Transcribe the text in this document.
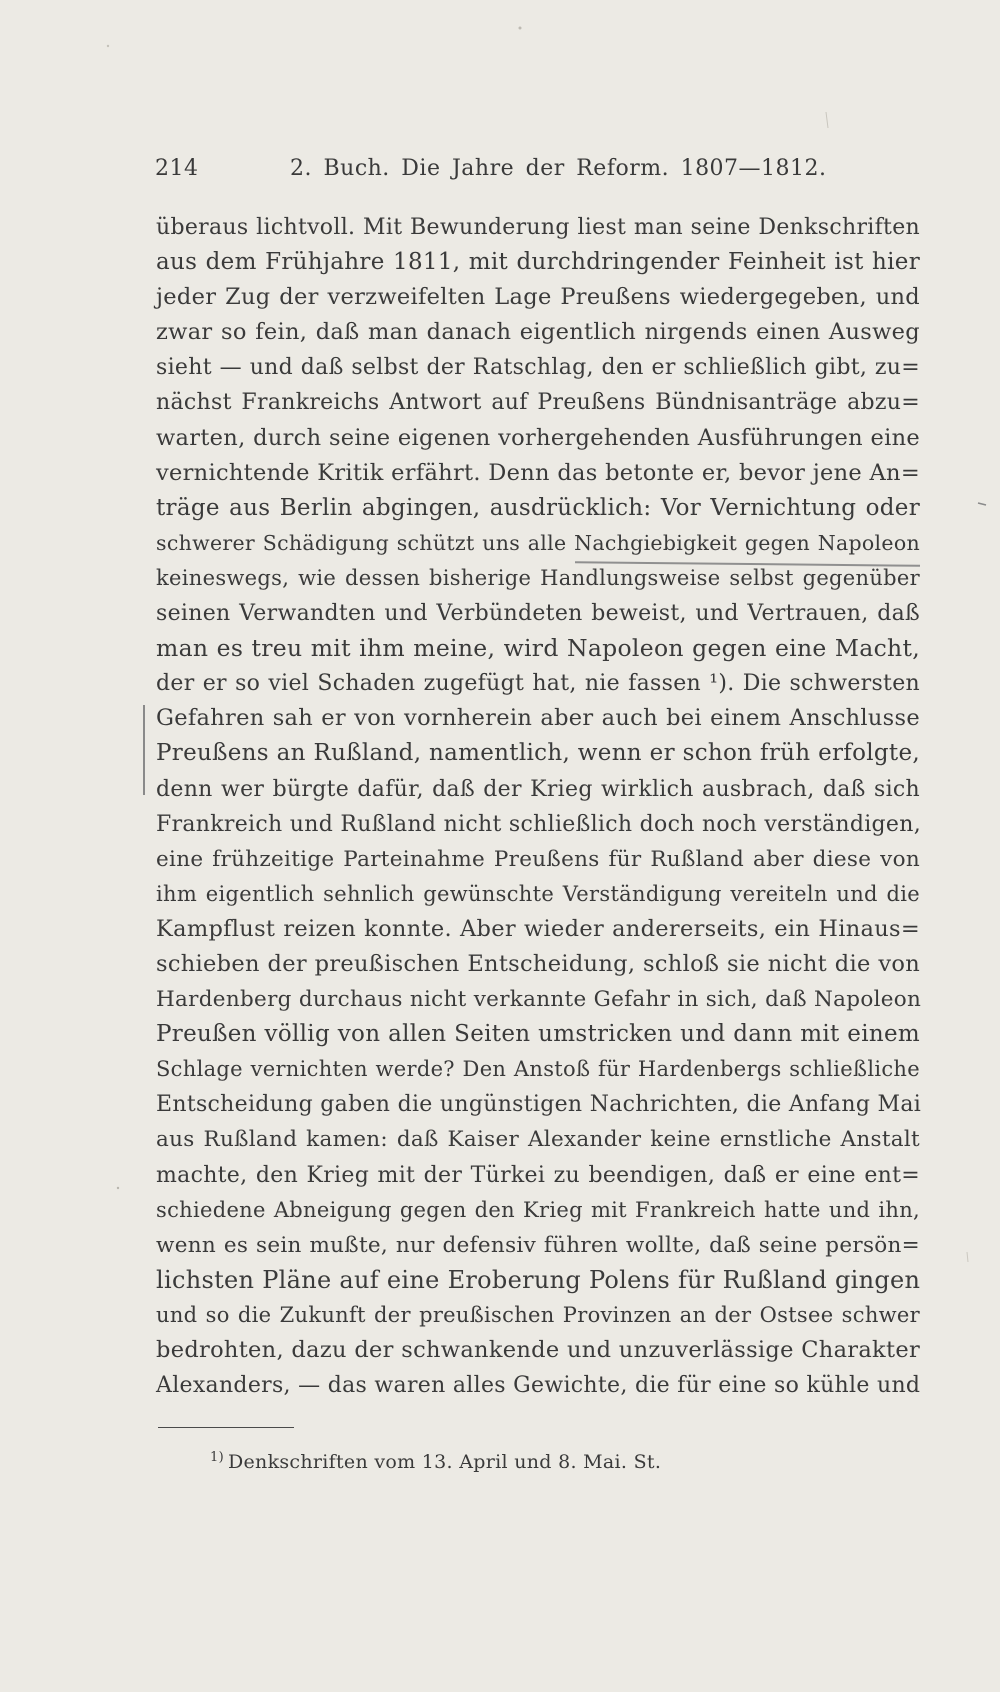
214	2. Buch. Die Jahre der Reform. 1807—1812.
überaus lichtvoll. Mit Bewunderung liest man seine Denkschriften
aus dem Frühjahre 1811, mit durchdringender Feinheit ist hier
jeder Zug der verzweifelten Lage Preußens wiedergegeben, und
zwar so fein, daß man danach eigentlich nirgends einen Ausweg
sieht — und daß selbst der Ratschlag, den er schließlich gibt, zu=
nächst Frankreichs Antwort auf Preußens Bündnisanträge abzu=
warten, durch seine eigenen vorhergehenden Ausführungen eine
vernichtende Kritik erfährt. Denn das betonte er, bevor jene An=
träge aus Berlin abgingen, ausdrücklich: Vor Vernichtung oder
schwerer Schädigung schützt uns alle Nachgiebigkeit gegen Napoleon
keineswegs, wie dessen bisherige Handlungsweise selbst gegenüber
seinen Verwandten und Verbündeten beweist, und Vertrauen, daß
man es treu mit ihm meine, wird Napoleon gegen eine Macht,
der er so viel Schaden zugefügt hat, nie fassen ¹). Die schwersten
Gefahren sah er von vornherein aber auch bei einem Anschlusse
Preußens an Rußland, namentlich, wenn er schon früh erfolgte,
denn wer bürgte dafür, daß der Krieg wirklich ausbrach, daß sich
Frankreich und Rußland nicht schließlich doch noch verständigen,
eine frühzeitige Parteinahme Preußens für Rußland aber diese von
ihm eigentlich sehnlich gewünschte Verständigung vereiteln und die
Kampflust reizen konnte. Aber wieder andererseits, ein Hinaus=
schieben der preußischen Entscheidung, schloß sie nicht die von
Hardenberg durchaus nicht verkannte Gefahr in sich, daß Napoleon
Preußen völlig von allen Seiten umstricken und dann mit einem
Schlage vernichten werde? Den Anstoß für Hardenbergs schließliche
Entscheidung gaben die ungünstigen Nachrichten, die Anfang Mai
aus Rußland kamen: daß Kaiser Alexander keine ernstliche Anstalt
machte, den Krieg mit der Türkei zu beendigen, daß er eine ent=
schiedene Abneigung gegen den Krieg mit Frankreich hatte und ihn,
wenn es sein mußte, nur defensiv führen wollte, daß seine persön=
lichsten Pläne auf eine Eroberung Polens für Rußland gingen
und so die Zukunft der preußischen Provinzen an der Ostsee schwer
bedrohten, dazu der schwankende und unzuverlässige Charakter
Alexanders, — das waren alles Gewichte, die für eine so kühle und
$^{1)}$ Denkschriften vom 13. April und 8. Mai. St.
